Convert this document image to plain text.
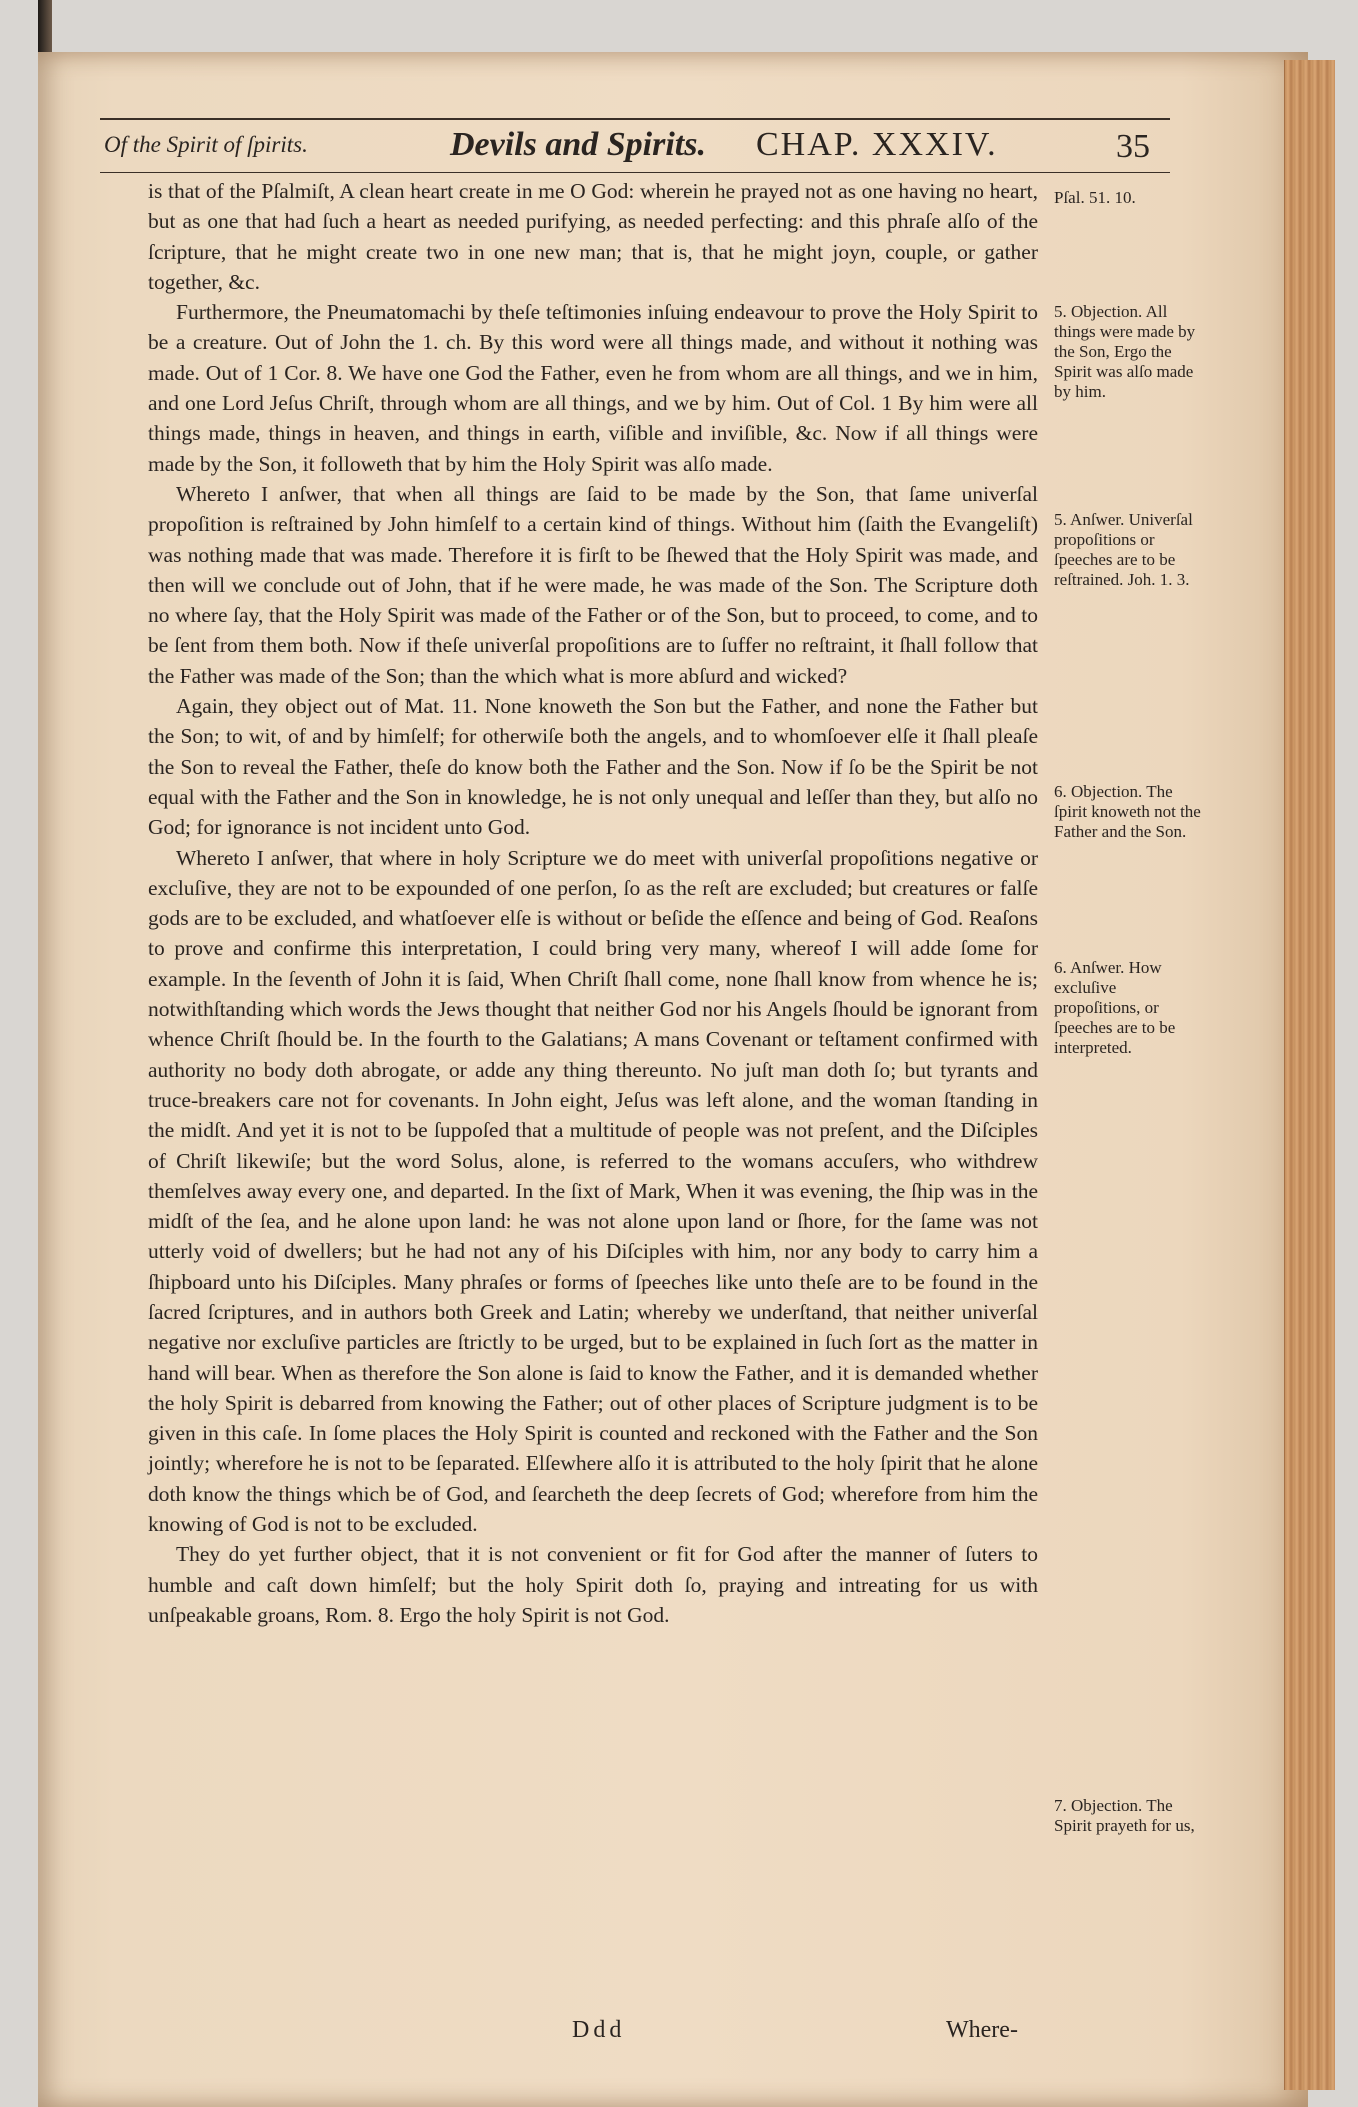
Of the Spirit of ſpirits.	Devils and Spirits. CHAP. XXXIV.	35

is that of the Pſalmiſt, A clean heart create in me O God: wherein he prayed not as one having no heart, but as one that had ſuch a heart as needed purifying, as needed perfecting: and this phraſe alſo of the ſcripture, that he might create two in one new man; that is, that he might joyn, couple, or gather together, &c.

Furthermore, the Pneumatomachi by theſe teſtimonies inſuing endeavour to prove the Holy Spirit to be a creature. Out of John the 1. ch. By this word were all things made, and without it nothing was made. Out of 1 Cor. 8. We have one God the Father, even he from whom are all things, and we in him, and one Lord Jeſus Chriſt, through whom are all things, and we by him. Out of Col. 1 By him were all things made, things in heaven, and things in earth, viſible and inviſible, &c. Now if all things were made by the Son, it followeth that by him the Holy Spirit was alſo made.

Whereto I anſwer, that when all things are ſaid to be made by the Son, that ſame univerſal propoſition is reſtrained by John himſelf to a certain kind of things. Without him (ſaith the Evangeliſt) was nothing made that was made. Therefore it is firſt to be ſhewed that the Holy Spirit was made, and then will we conclude out of John, that if he were made, he was made of the Son. The Scripture doth no where ſay, that the Holy Spirit was made of the Father or of the Son, but to proceed, to come, and to be ſent from them both. Now if theſe univerſal propoſitions are to ſuffer no reſtraint, it ſhall follow that the Father was made of the Son; than the which what is more abſurd and wicked?

Again, they object out of Mat. 11. None knoweth the Son but the Father, and none the Father but the Son; to wit, of and by himſelf; for otherwiſe both the angels, and to whomſoever elſe it ſhall pleaſe the Son to reveal the Father, theſe do know both the Father and the Son. Now if ſo be the Spirit be not equal with the Father and the Son in knowledge, he is not only unequal and leſſer than they, but alſo no God; for ignorance is not incident unto God.

Whereto I anſwer, that where in holy Scripture we do meet with univerſal propoſitions negative or excluſive, they are not to be expounded of one perſon, ſo as the reſt are excluded; but creatures or falſe gods are to be excluded, and whatſoever elſe is without or beſide the eſſence and being of God. Reaſons to prove and confirme this interpretation, I could bring very many, whereof I will adde ſome for example. In the ſeventh of John it is ſaid, When Chriſt ſhall come, none ſhall know from whence he is; notwithſtanding which words the Jews thought that neither God nor his Angels ſhould be ignorant from whence Chriſt ſhould be. In the fourth to the Galatians; A mans Covenant or teſtament confirmed with authority no body doth abrogate, or adde any thing thereunto. No juſt man doth ſo; but tyrants and truce-breakers care not for covenants. In John eight, Jeſus was left alone, and the woman ſtanding in the midſt. And yet it is not to be ſuppoſed that a multitude of people was not preſent, and the Diſciples of Chriſt likewiſe; but the word Solus, alone, is referred to the womans accuſers, who withdrew themſelves away every one, and departed. In the ſixt of Mark, When it was evening, the ſhip was in the midſt of the ſea, and he alone upon land: he was not alone upon land or ſhore, for the ſame was not utterly void of dwellers; but he had not any of his Diſciples with him, nor any body to carry him a ſhipboard unto his Diſciples. Many phraſes or forms of ſpeeches like unto theſe are to be found in the ſacred ſcriptures, and in authors both Greek and Latin; whereby we underſtand, that neither univerſal negative nor excluſive particles are ſtrictly to be urged, but to be explained in ſuch ſort as the matter in hand will bear. When as therefore the Son alone is ſaid to know the Father, and it is demanded whether the holy Spirit is debarred from knowing the Father; out of other places of Scripture judgment is to be given in this caſe. In ſome places the Holy Spirit is counted and reckoned with the Father and the Son jointly; wherefore he is not to be ſeparated. Elſewhere alſo it is attributed to the holy ſpirit that he alone doth know the things which be of God, and ſearcheth the deep ſecrets of God; wherefore from him the knowing of God is not to be excluded.

They do yet further object, that it is not convenient or fit for God after the manner of ſuters to humble and caſt down himſelf; but the holy Spirit doth ſo, praying and intreating for us with unſpeakable groans, Rom. 8. Ergo the holy Spirit is not God.

Pſal. 51. 10.
5. Objection. All things were made by the Son, Ergo the Spirit was alſo made by him.
5. Anſwer. Univerſal propoſitions or ſpeeches are to be reſtrained. Joh. 1. 3.
6. Objection. The ſpirit knoweth not the Father and the Son.
6. Anſwer. How excluſive propoſitions, or ſpeeches are to be interpreted.
7. Objection. The Spirit prayeth for us,
Ddd	Where-
